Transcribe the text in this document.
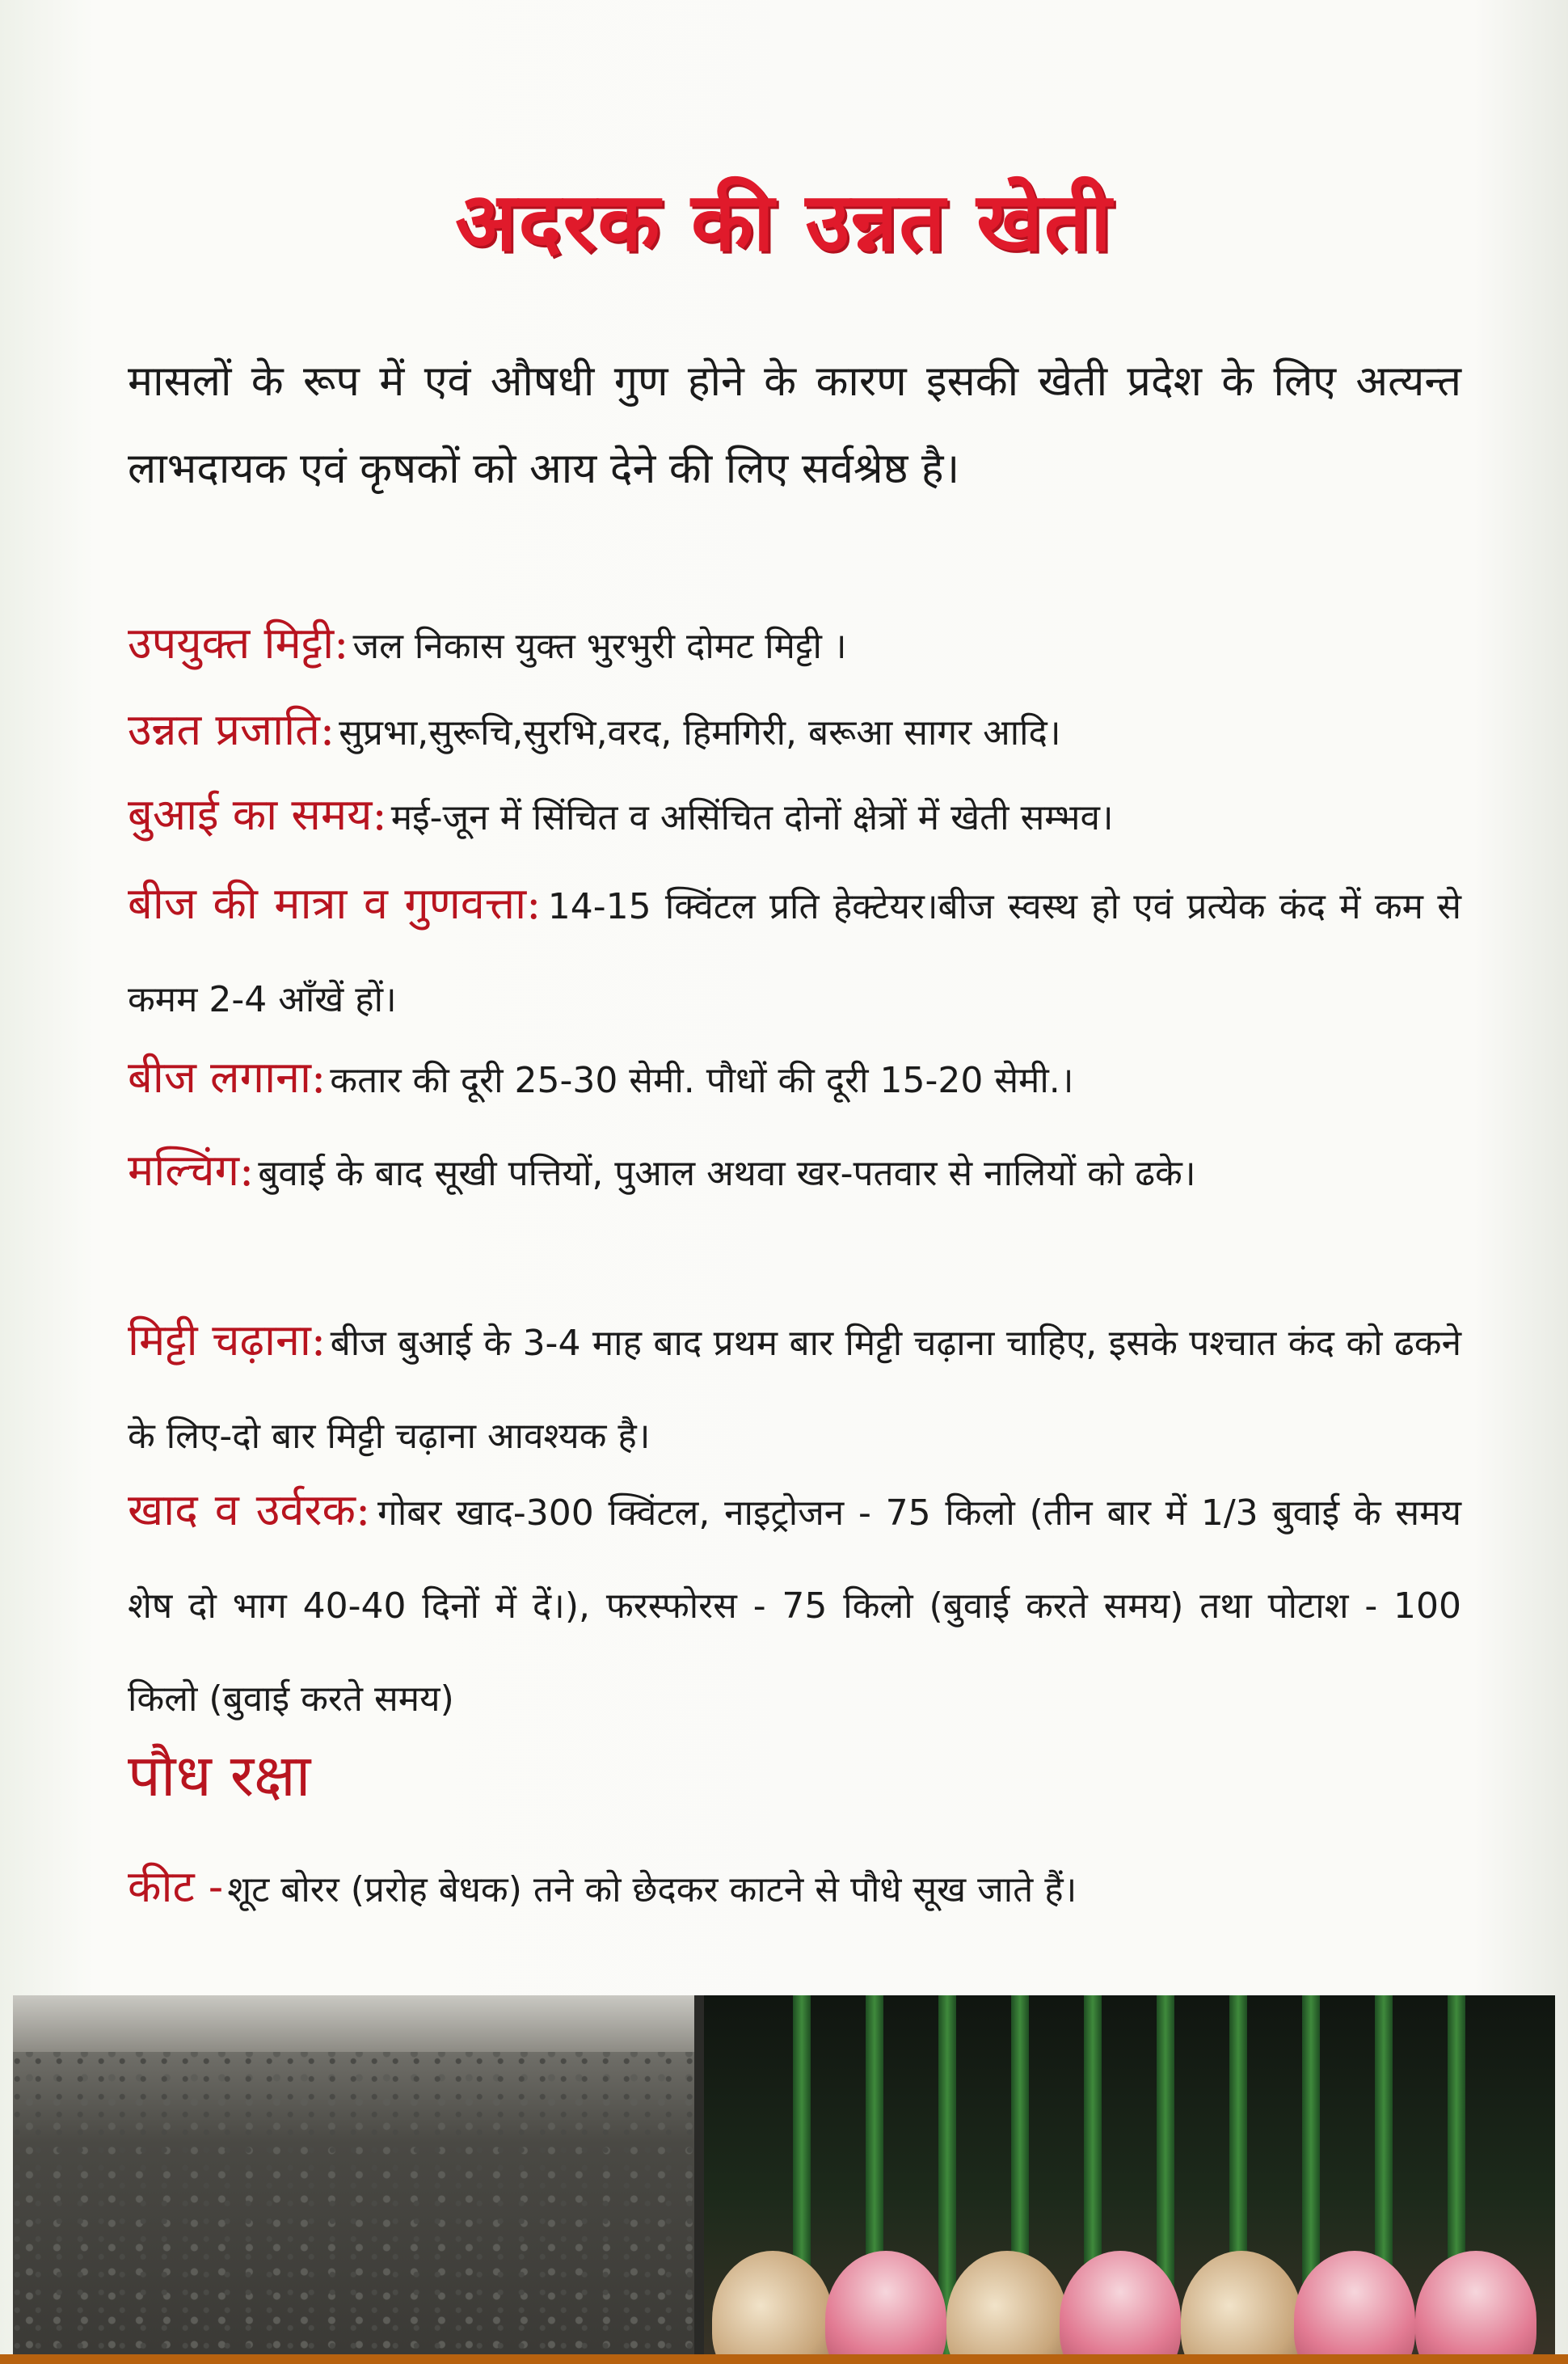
अदरक की उन्नत खेती
मासलों के रूप में एवं औषधी गुण होने के कारण इसकी खेती प्रदेश के लिए अत्यन्त लाभदायक एवं कृषकों को आय देने की लिए सर्वश्रेष्ठ है।
उपयुक्त मिट्टी: जल निकास युक्त भुरभुरी दोमट मिट्टी ।
उन्नत प्रजाति: सुप्रभा,सुरूचि,सुरभि,वरद, हिमगिरी, बरूआ सागर आदि।
बुआई का समय: मई-जून में सिंचित व असिंचित दोनों क्षेत्रों में खेती सम्भव।
बीज की मात्रा व गुणवत्ता: 14-15 क्विंटल प्रति हेक्टेयर।बीज स्वस्थ हो एवं प्रत्येक कंद में कम से कमम 2-4 आँखें हों।
बीज लगाना: कतार की दूरी 25-30 सेमी. पौधों की दूरी 15-20 सेमी.।
मल्चिंग: बुवाई के बाद सूखी पत्तियों, पुआल अथवा खर-पतवार से नालियों को ढके।
मिट्टी चढ़ाना: बीज बुआई के 3-4 माह बाद प्रथम बार मिट्टी चढ़ाना चाहिए, इसके पश्चात कंद को ढकने के लिए-दो बार मिट्टी चढ़ाना आवश्यक है।
खाद व उर्वरक: गोबर खाद-300 क्विंटल, नाइट्रोजन - 75 किलो (तीन बार में 1/3 बुवाई के समय शेष दो भाग 40-40 दिनों में दें।), फरस्फोरस - 75 किलो (बुवाई करते समय) तथा पोटाश - 100 किलो (बुवाई करते समय)
पौध रक्षा
कीट - शूट बोरर (प्ररोह बेधक) तने को छेदकर काटने से पौधे सूख जाते हैं।
